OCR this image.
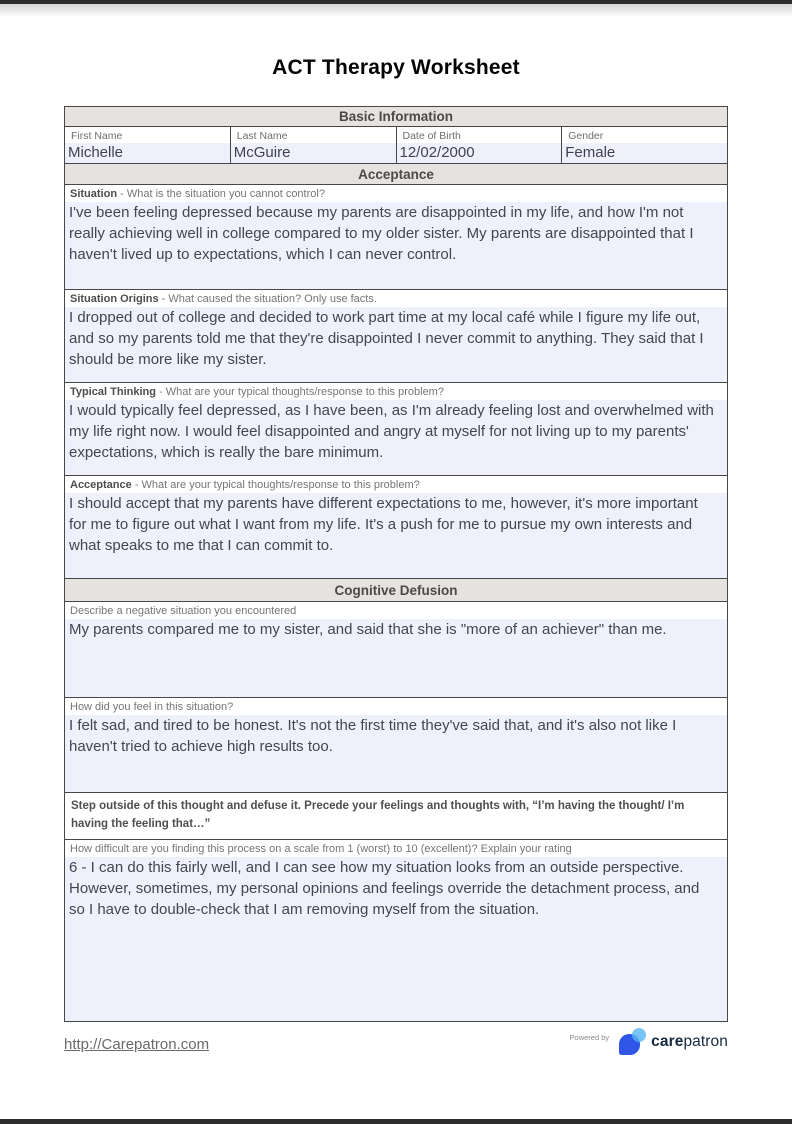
ACT Therapy Worksheet
Basic Information
First Name
Michelle
Last Name
McGuire
Date of Birth
12/02/2000
Gender
Female
Acceptance
Situation - What is the situation you cannot control?
I've been feeling depressed because my parents are disappointed in my life, and how I'm not really achieving well in college compared to my older sister. My parents are disappointed that I haven't lived up to expectations, which I can never control.
Situation Origins - What caused the situation? Only use facts.
I dropped out of college and decided to work part time at my local café while I figure my life out, and so my parents told me that they're disappointed I never commit to anything. They said that I should be more like my sister.
Typical Thinking - What are your typical thoughts/response to this problem?
I would typically feel depressed, as I have been, as I'm already feeling lost and overwhelmed with my life right now. I would feel disappointed and angry at myself for not living up to my parents' expectations, which is really the bare minimum.
Acceptance - What are your typical thoughts/response to this problem?
I should accept that my parents have different expectations to me, however, it's more important for me to figure out what I want from my life. It's a push for me to pursue my own interests and what speaks to me that I can commit to.
Cognitive Defusion
Describe a negative situation you encountered
My parents compared me to my sister, and said that she is "more of an achiever" than me.
How did you feel in this situation?
I felt sad, and tired to be honest. It's not the first time they've said that, and it's also not like I haven't tried to achieve high results too.
Step outside of this thought and defuse it. Precede your feelings and thoughts with, “I’m having the thought/ I’m having the feeling that…”
How difficult are you finding this process on a scale from 1 (worst) to 10 (excellent)? Explain your rating
6 - I can do this fairly well, and I can see how my situation looks from an outside perspective. However, sometimes, my personal opinions and feelings override the detachment process, and so I have to double-check that I am removing myself from the situation.
http://Carepatron.com	Powered by	carepatron
